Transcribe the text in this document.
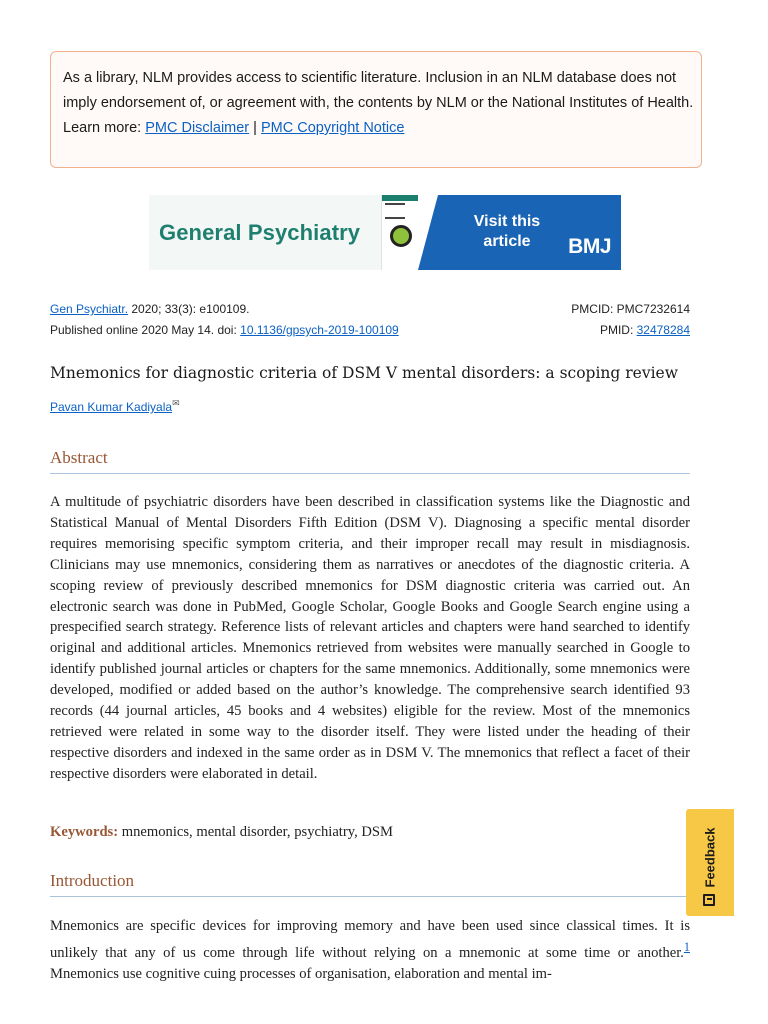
As a library, NLM provides access to scientific literature. Inclusion in an NLM database does not imply endorsement of, or agreement with, the contents by NLM or the National Institutes of Health.
Learn more: PMC Disclaimer | PMC Copyright Notice
General Psychiatry	Visit this article	BMJ
Gen Psychiatr. 2020; 33(3): e100109.	PMCID: PMC7232614
Published online 2020 May 14. doi: 10.1136/gpsych-2019-100109	PMID: 32478284
Mnemonics for diagnostic criteria of DSM V mental disorders: a scoping review
Pavan Kumar Kadiyala✉
Abstract

A multitude of psychiatric disorders have been described in classification systems like the Diagnostic and Statistical Manual of Mental Disorders Fifth Edition (DSM V). Diagnosing a specific mental disorder requires memorising specific symptom criteria, and their improper recall may result in misdiagnosis. Clinicians may use mnemonics, considering them as narratives or anecdotes of the diagnostic criteria. A scoping review of previously described mnemonics for DSM diagnostic criteria was carried out. An electronic search was done in PubMed, Google Scholar, Google Books and Google Search engine using a prespecified search strategy. Reference lists of relevant articles and chapters were hand searched to identify original and additional articles. Mnemonics retrieved from websites were manually searched in Google to identify published journal articles or chapters for the same mnemonics. Additionally, some mnemonics were developed, modified or added based on the author’s knowledge. The comprehensive search identified 93 records (44 journal articles, 45 books and 4 websites) eligible for the review. Most of the mnemonics retrieved were related in some way to the disorder itself. They were listed under the heading of their respective disorders and indexed in the same order as in DSM V. The mnemonics that reflect a facet of their respective disorders were elaborated in detail.

Keywords: mnemonics, mental disorder, psychiatry, DSM
Introduction

Mnemonics are specific devices for improving memory and have been used since classical times. It is unlikely that any of us come through life without relying on a mnemonic at some time or another.$^1$ Mnemonics use cognitive cuing processes of organisation, elaboration and mental im-

Feedback
